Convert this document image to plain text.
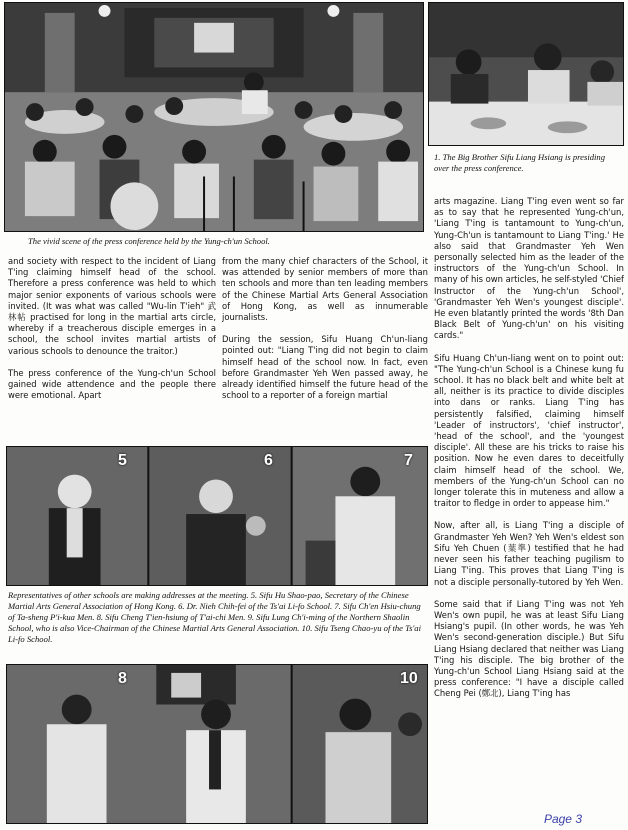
The vivid scene of the press conference held by the Yung-ch'un School.
1. The Big Brother Sifu Liang Hsiang is presiding over the press conference.

and society with respect to the incident of Liang T'ing claiming himself head of the school. Therefore a press conference was held to which major senior exponents of various schools were invited. (It was what was called "Wu-lin T'ieh" 武林帖 practised for long in the martial arts circle, whereby if a treacherous disciple emerges in a school, the school invites martial artists of various schools to denounce the traitor.)

The press conference of the Yung-ch'un School gained wide attendence and the people there were emotional. Apart

from the many chief characters of the School, it was attended by senior members of more than ten schools and more than ten leading members of the Chinese Martial Arts General Association of Hong Kong, as well as innumerable journalists.

During the session, Sifu Huang Ch'un-liang pointed out: "Liang T'ing did not begin to claim himself head of the school now. In fact, even before Grandmaster Yeh Wen passed away, he already identified himself the future head of the school to a reporter of a foreign martial

5	6	7
Representatives of other schools are making addresses at the meeting. 5. Sifu Hu Shao-pao, Secretary of the Chinese Martial Arts General Association of Hong Kong. 6. Dr. Nieh Chih-fei of the Ts'ai Li-fo School. 7. Sifu Ch'en Hsiu-chung of Ta-sheng P'i-kua Men. 8. Sifu Cheng T'ien-hsiung of T'ai-chi Men. 9. Sifu Lung Ch'i-ming of the Northern Shaolin School, who is also Vice-Chairman of the Chinese Martial Arts General Association. 10. Sifu Tseng Chao-yu of the Ts'ai Li-fo School.
8	10

arts magazine. Liang T'ing even went so far as to say that he represented Yung-ch'un, 'Liang T'ing is tantamount to Yung-ch'un, Yung-Ch'un is tantamount to Liang T'ing.' He also said that Grandmaster Yeh Wen personally selected him as the leader of the instructors of the Yung-ch'un School. In many of his own articles, he self-styled 'Chief Instructor of the Yung-ch'un School', 'Grandmaster Yeh Wen's youngest disciple'. He even blatantly printed the words '8th Dan Black Belt of Yung-ch'un' on his visiting cards."

Sifu Huang Ch'un-liang went on to point out: "The Yung-ch'un School is a Chinese kung fu school. It has no black belt and white belt at all, neither is its practice to divide disciples into dans or ranks. Liang T'ing has persistently falsified, claiming himself 'Leader of instructors', 'chief instructor', 'head of the school', and the 'youngest disciple'. All these are his tricks to raise his position. Now he even dares to deceitfully claim himself head of the school. We, members of the Yung-ch'un School can no longer tolerate this in muteness and allow a traitor to fledge in order to appease him."

Now, after all, is Liang T'ing a disciple of Grandmaster Yeh Wen? Yeh Wen's eldest son Sifu Yeh Chuen (葉準) testified that he had never seen his father teaching pugilism to Liang T'ing. This proves that Liang T'ing is not a disciple personally-tutored by Yeh Wen.

Some said that if Liang T'ing was not Yeh Wen's own pupil, he was at least Sifu Liang Hsiang's pupil. (In other words, he was Yeh Wen's second-generation disciple.) But Sifu Liang Hsiang declared that neither was Liang T'ing his disciple. The big brother of the Yung-ch'un School Liang Hsiang said at the press conference: "I have a disciple called Cheng Pei (鄭北), Liang T'ing has

Page 3
